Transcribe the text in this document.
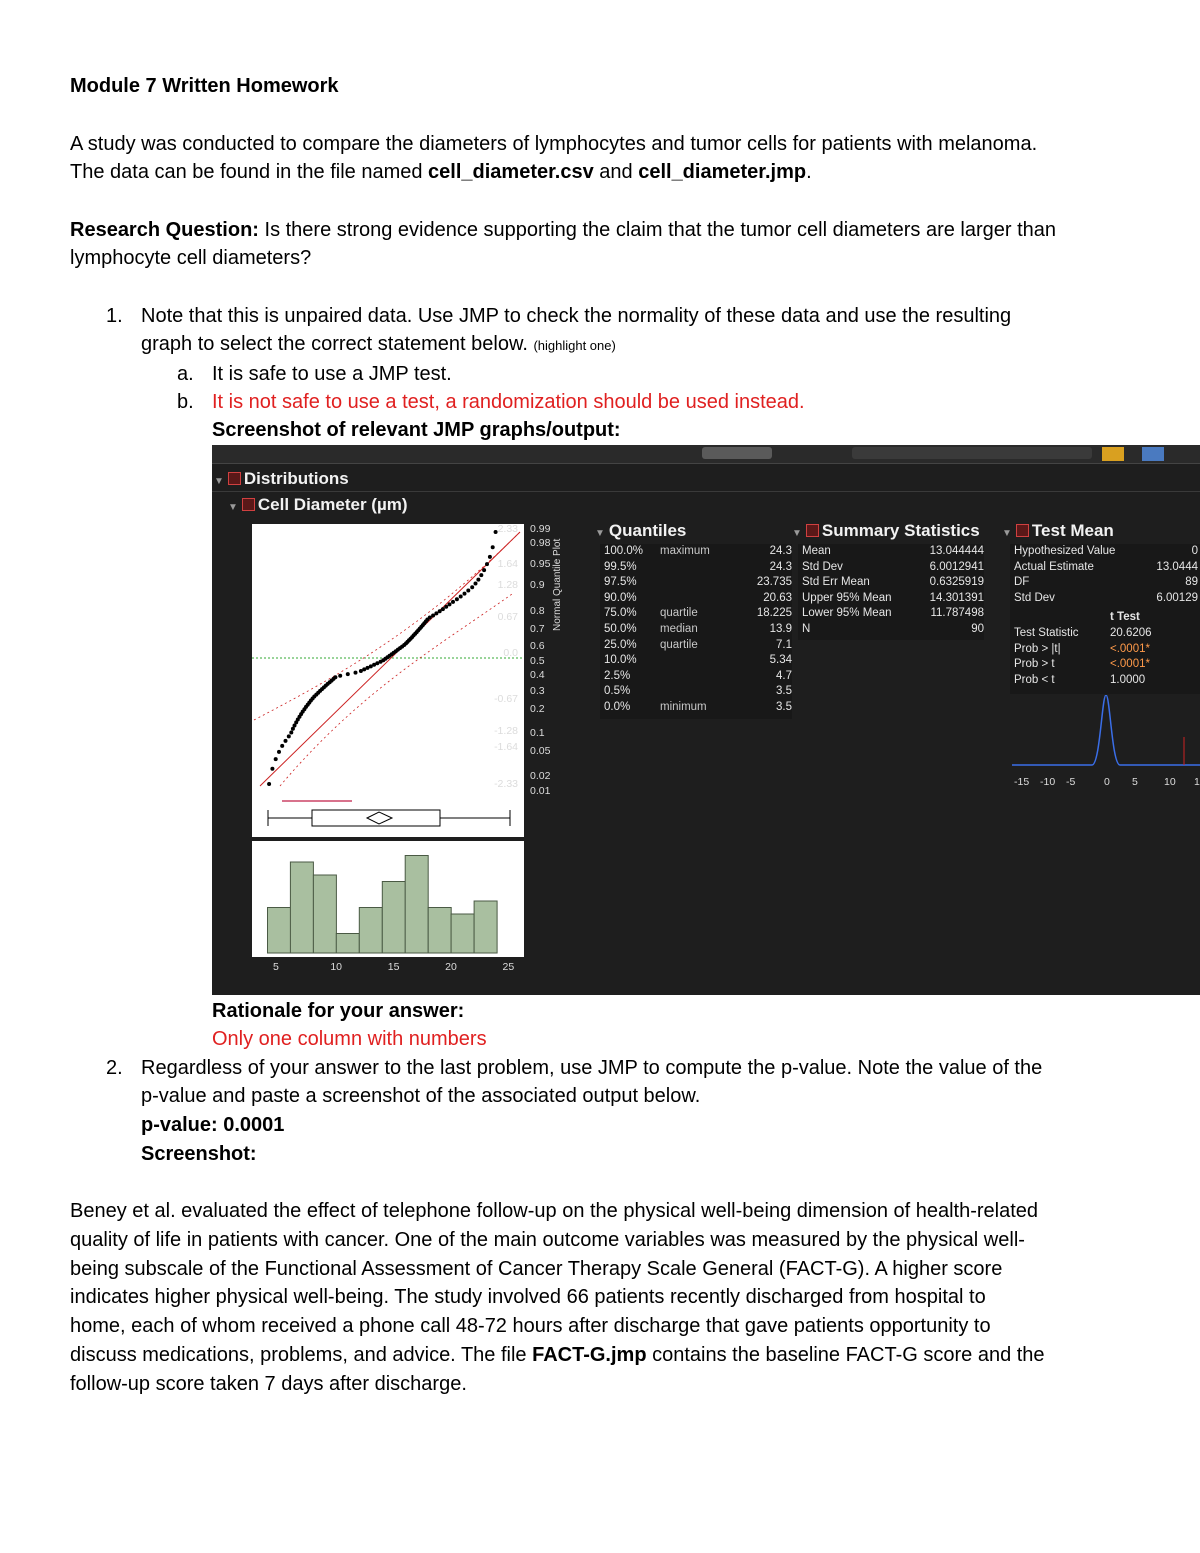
Module 7 Written Homework
A study was conducted to compare the diameters of lymphocytes and tumor cells for patients with melanoma.
The data can be found in the file named cell_diameter.csv and cell_diameter.jmp.
Research Question: Is there strong evidence supporting the claim that the tumor cell diameters are larger than
lymphocyte cell diameters?
1. Note that this is unpaired data. Use JMP to check the normality of these data and use the resulting
graph to select the correct statement below. (highlight one)
a. It is safe to use a JMP test.
b. It is not safe to use a test, a randomization should be used instead.
Screenshot of relevant JMP graphs/output:
▼ Distributions
▼ Cell Diameter (µm)
2.33
1.64
1.28
0.67
0.0
-0.67
-1.28
-1.64
-2.33
0.99
0.98
0.95
0.9
0.8
0.7
0.6
0.5
0.4
0.3
0.2
0.1
0.05
0.02
0.01
Normal Quantile Plot
5	10	15	20	25
▼ Quantiles
100.0% maximum	24.3
99.5%	24.3
97.5%	23.735
90.0%	20.63
75.0% quartile	18.225
50.0% median	13.9
25.0% quartile	7.1
10.0%	5.34
2.5%	4.7
0.5%	3.5
0.0%	minimum	3.5
▼ Summary Statistics
Mean	13.044444
Std Dev	6.0012941
Std Err Mean	0.6325919
Upper 95% Mean	14.301391
Lower 95% Mean	11.787498
N	90
▼ Test Mean
Hypothesized Value	0
Actual Estimate	13.0444
DF	89
Std Dev	6.00129
t Test
Test Statistic	20.6206
Prob > |t|	<.0001*
Prob > t	<.0001*
Prob < t	1.0000
-15 -10 -5	0 5 10 1
Rationale for your answer:
Only one column with numbers
2. Regardless of your answer to the last problem, use JMP to compute the p-value. Note the value of the
p-value and paste a screenshot of the associated output below.
p-value: 0.0001
Screenshot:
Beney et al. evaluated the effect of telephone follow-up on the physical well-being dimension of health-related
quality of life in patients with cancer. One of the main outcome variables was measured by the physical well-
being subscale of the Functional Assessment of Cancer Therapy Scale General (FACT-G). A higher score
indicates higher physical well-being. The study involved 66 patients recently discharged from hospital to
home, each of whom received a phone call 48-72 hours after discharge that gave patients opportunity to
discuss medications, problems, and advice. The file FACT-G.jmp contains the baseline FACT-G score and the
follow-up score taken 7 days after discharge.
